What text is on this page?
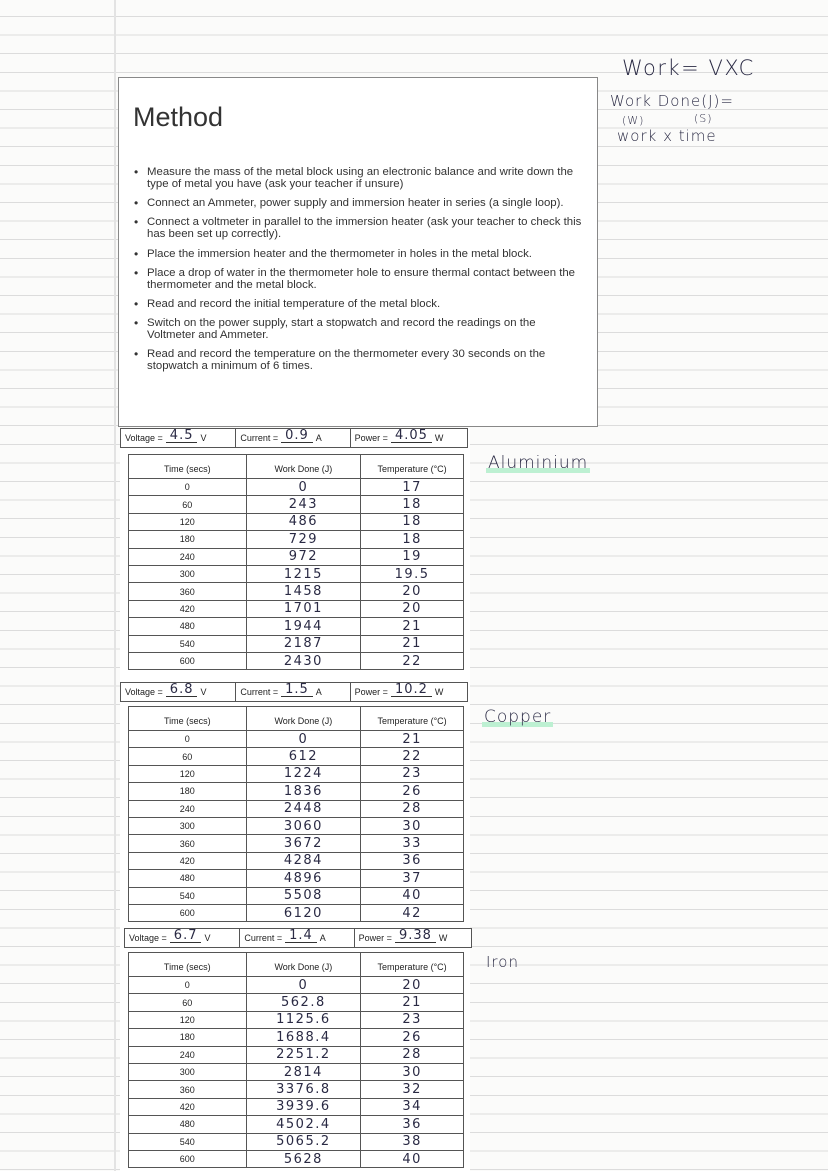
Work= VXC
Work Done(J)=
(W)	(S)
work x time
Method
• Measure the mass of the metal block using an electronic balance and write down the type of metal you have (ask your teacher if unsure)
• Connect an Ammeter, power supply and immersion heater in series (a single loop).
• Connect a voltmeter in parallel to the immersion heater (ask your teacher to check this has been set up correctly).
• Place the immersion heater and the thermometer in holes in the metal block.
• Place a drop of water in the thermometer hole to ensure thermal contact between the thermometer and the metal block.
• Read and record the initial temperature of the metal block.
• Switch on the power supply, start a stopwatch and record the readings on the Voltmeter and Ammeter.
• Read and record the temperature on the thermometer every 30 seconds on the stopwatch a minimum of 6 times.
Voltage = 4.5 V	Current = 0.9 A	Power = 4.05 W
Time (secs)	Work Done (J)	Temperature (°C)
0	0	17
60	243	18
120	486	18
180	729	18
240	972	19
300	1215	19.5
360	1458	20
420	1701	20
480	1944	21
540	2187	21
600	2430	22
Aluminium
Voltage = 6.8 V	Current = 1.5 A	Power = 10.2 W
Time (secs)	Work Done (J)	Temperature (°C)
0	0	21
60	612	22
120	1224	23
180	1836	26
240	2448	28
300	3060	30
360	3672	33
420	4284	36
480	4896	37
540	5508	40
600	6120	42
Copper
Voltage = 6.7 V	Current = 1.4 A	Power = 9.38 W
Time (secs)	Work Done (J)	Temperature (°C)
0	0	20
60	562.8	21
120	1125.6	23
180	1688.4	26
240	2251.2	28
300	2814	30
360	3376.8	32
420	3939.6	34
480	4502.4	36
540	5065.2	38
600	5628	40
Iron
